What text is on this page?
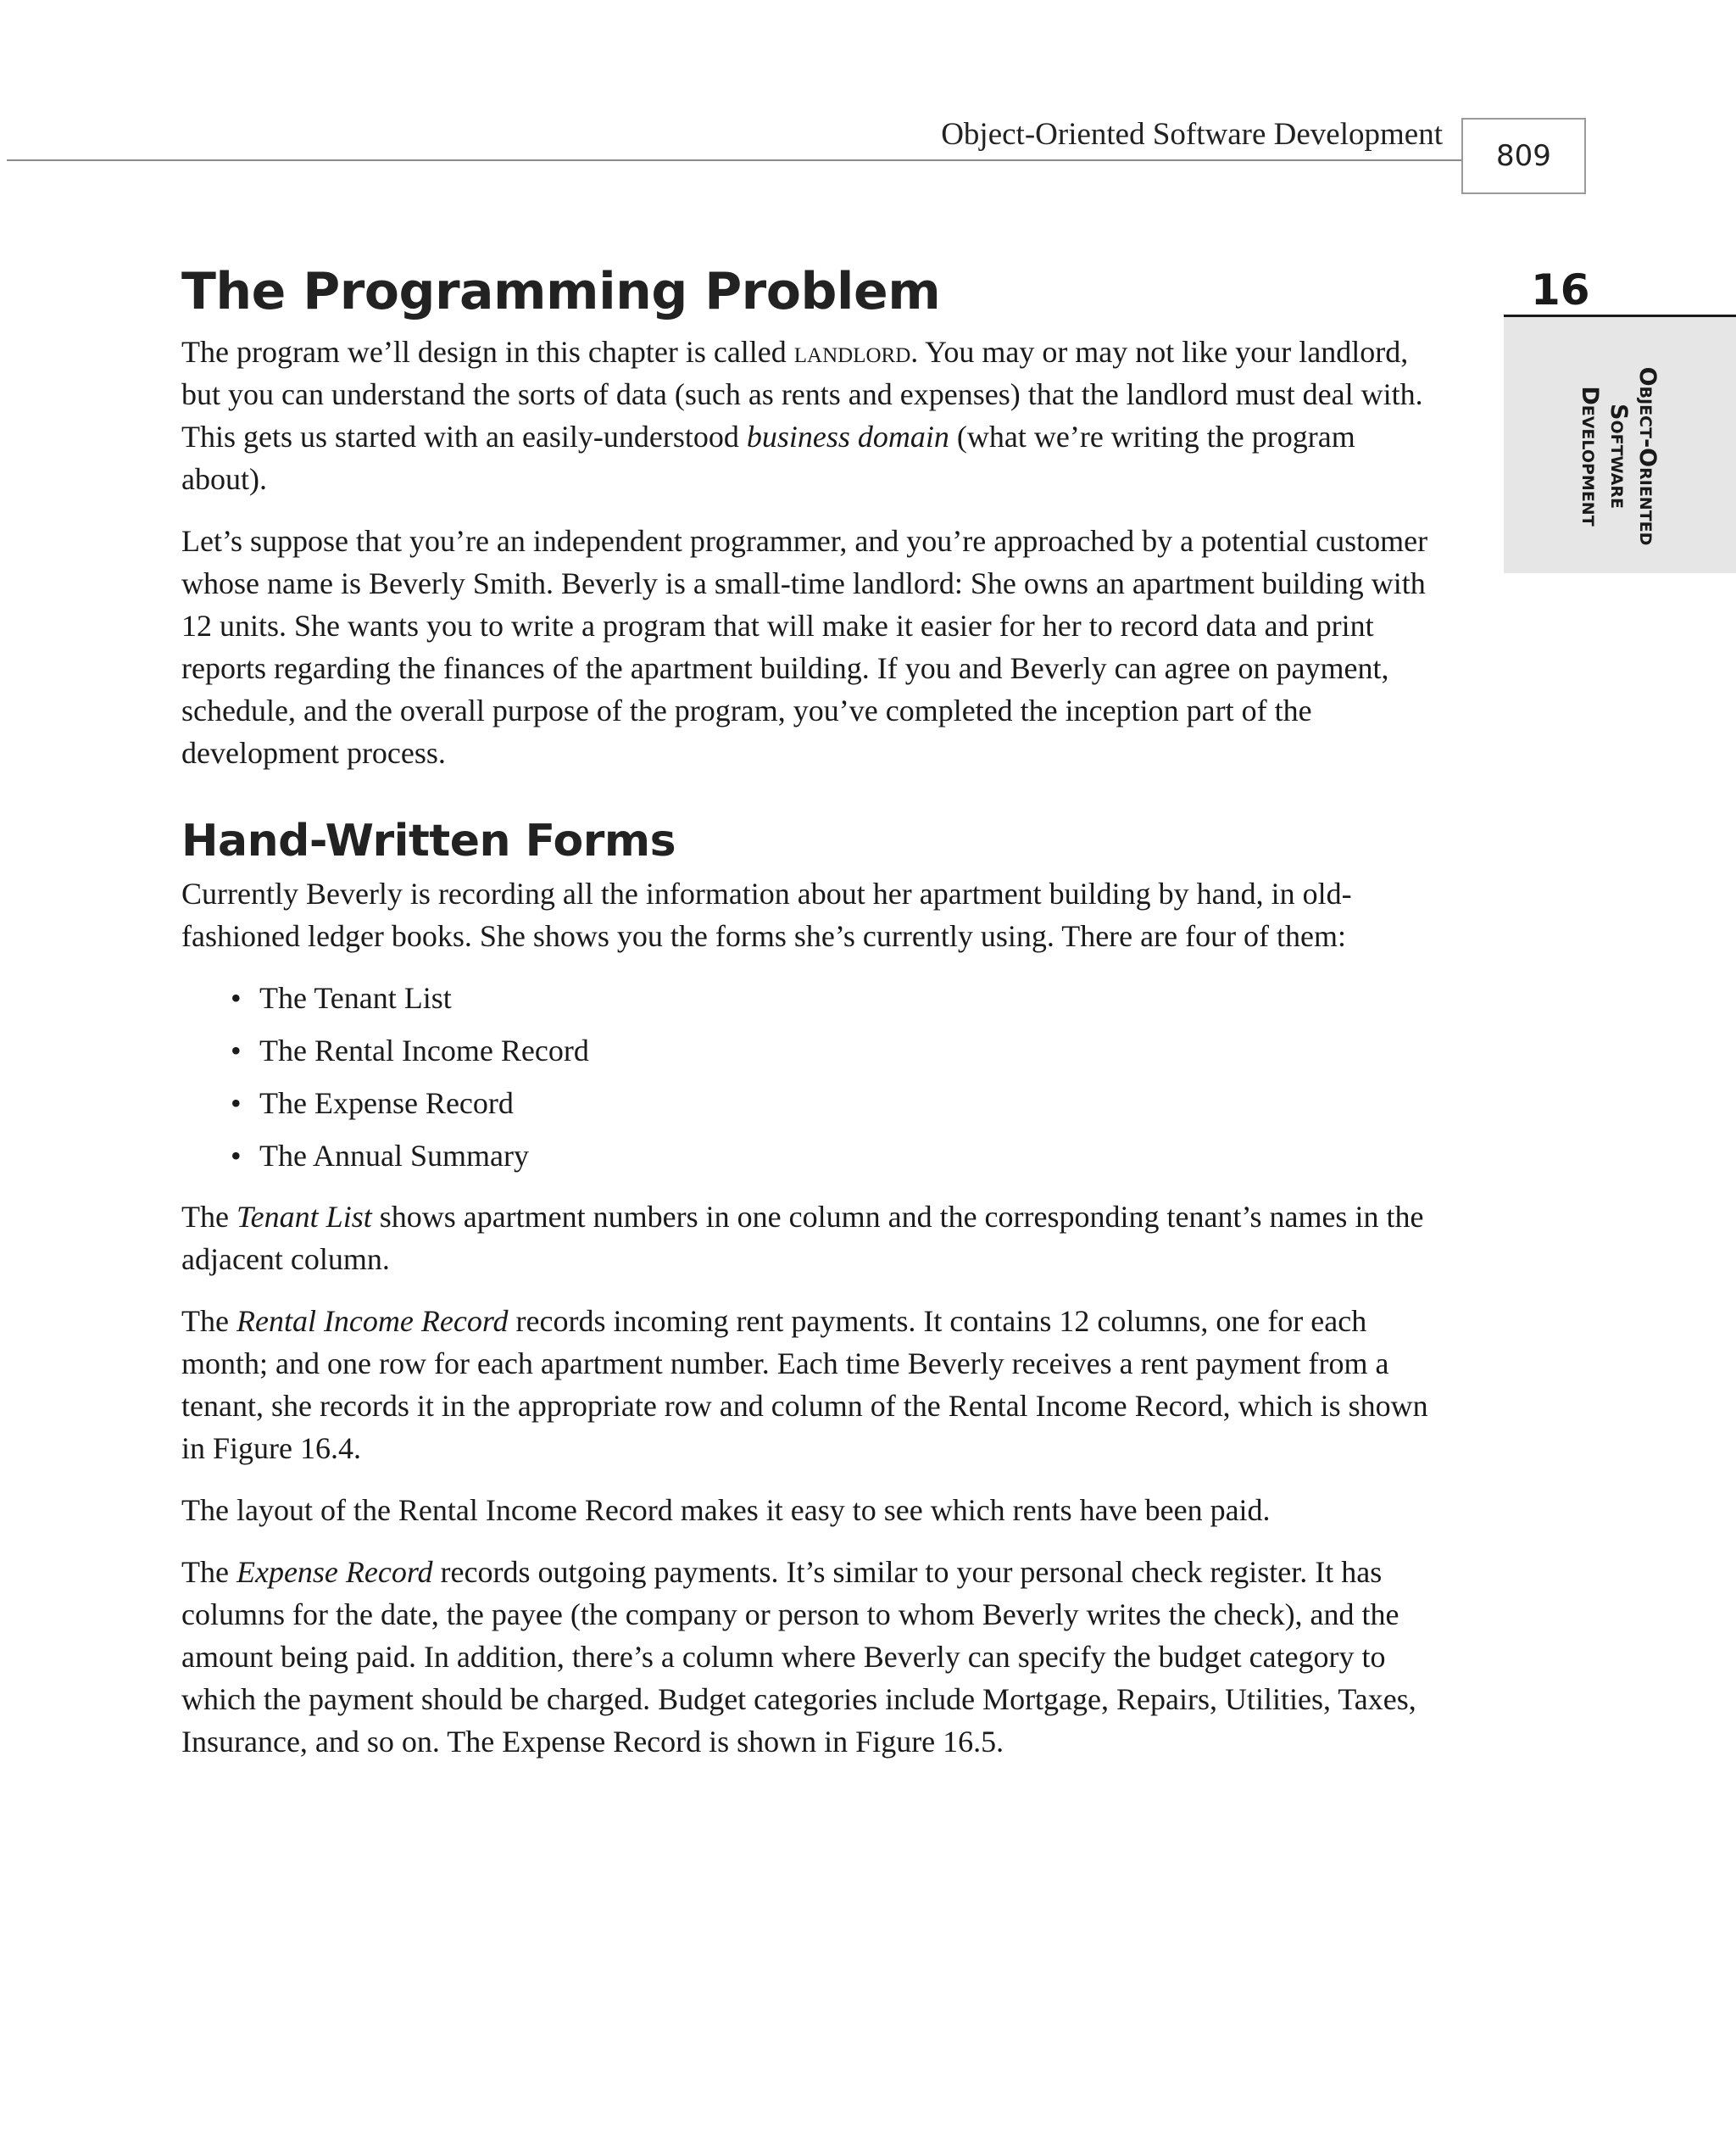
Object-Oriented Software Development
809
16
Object-Oriented
Software
Development
The Programming Problem

The program we’ll design in this chapter is called landlord. You may or may not like your landlord, but you can understand the sorts of data (such as rents and expenses) that the landlord must deal with. This gets us started with an easily-understood business domain (what we’re writing the program about).

Let’s suppose that you’re an independent programmer, and you’re approached by a potential customer whose name is Beverly Smith. Beverly is a small-time landlord: She owns an apartment building with 12 units. She wants you to write a program that will make it easier for her to record data and print reports regarding the finances of the apartment building. If you and Beverly can agree on payment, schedule, and the overall purpose of the program, you’ve completed the inception part of the development process.

Hand-Written Forms

Currently Beverly is recording all the information about her apartment building by hand, in old-fashioned ledger books. She shows you the forms she’s currently using. There are four of them:

• The Tenant List
• The Rental Income Record
• The Expense Record
• The Annual Summary

The Tenant List shows apartment numbers in one column and the corresponding tenant’s names in the adjacent column.

The Rental Income Record records incoming rent payments. It contains 12 columns, one for each month; and one row for each apartment number. Each time Beverly receives a rent payment from a tenant, she records it in the appropriate row and column of the Rental Income Record, which is shown in Figure 16.4.

The layout of the Rental Income Record makes it easy to see which rents have been paid.

The Expense Record records outgoing payments. It’s similar to your personal check register. It has columns for the date, the payee (the company or person to whom Beverly writes the check), and the amount being paid. In addition, there’s a column where Beverly can specify the budget category to which the payment should be charged. Budget categories include Mortgage, Repairs, Utilities, Taxes, Insurance, and so on. The Expense Record is shown in Figure 16.5.
